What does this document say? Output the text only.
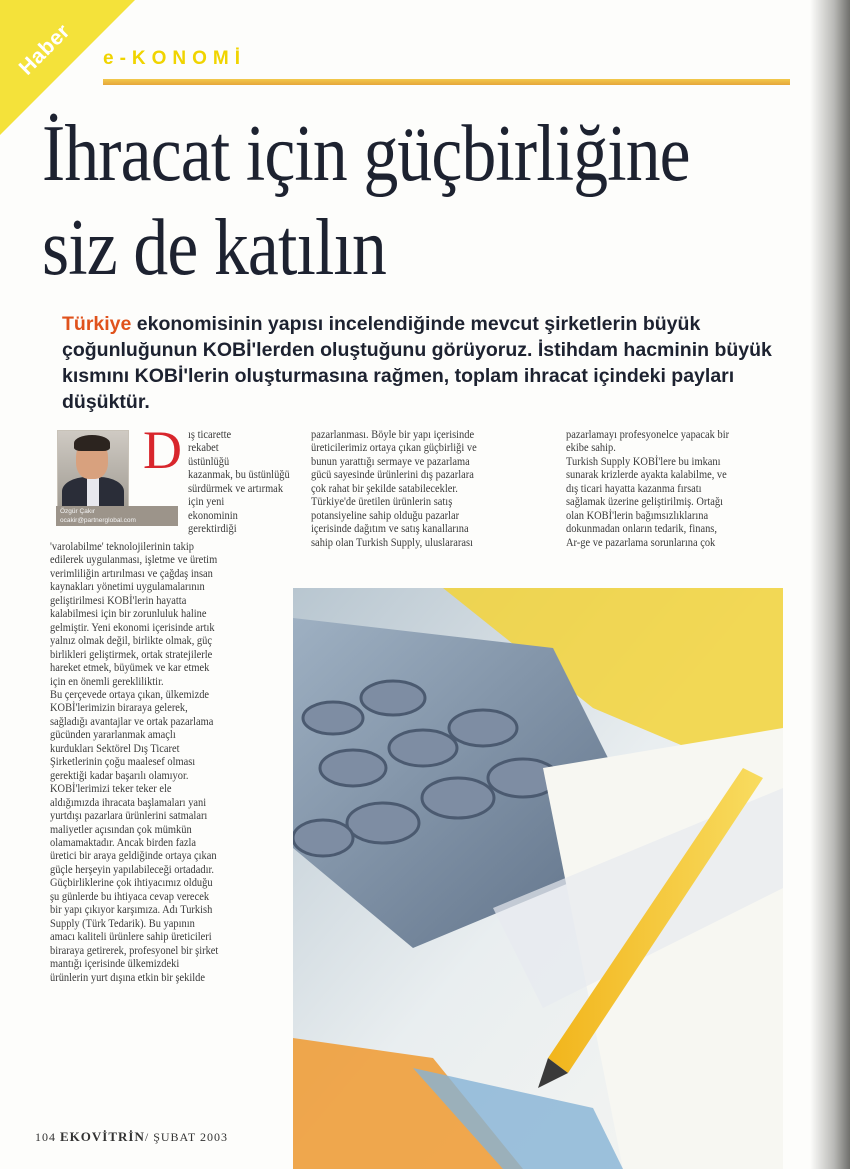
Haber e-KONOMİ
İhracat için güçbirliğine
siz de katılın

Türkiye ekonomisinin yapısı incelendiğinde mevcut şirketlerin büyük çoğunluğunun KOBİ'lerden oluştuğunu görüyoruz. İstihdam hacminin büyük kısmını KOBİ'lerin oluşturmasına rağmen, toplam ihracat içindeki payları düşüktür.

Özgür Çakır
ocakir@partnerglobal.com
D ış ticarette

rekabet

üstünlüğü

kazanmak, bu üstünlüğü

sürdürmek ve artırmak

için yeni

ekonominin

gerektirdiği

'varolabilme' teknolojilerinin takip

edilerek uygulanması, işletme ve üretim

verimliliğin artırılması ve çağdaş insan

kaynakları yönetimi uygulamalarının

geliştirilmesi KOBİ'lerin hayatta

kalabilmesi için bir zorunluluk haline

gelmiştir. Yeni ekonomi içerisinde artık

yalnız olmak değil, birlikte olmak, güç

birlikleri geliştirmek, ortak stratejilerle

hareket etmek, büyümek ve kar etmek

için en önemli gerekliliktir.

Bu çerçevede ortaya çıkan, ülkemizde

KOBİ'lerimizin biraraya gelerek,

sağladığı avantajlar ve ortak pazarlama

gücünden yararlanmak amaçlı

kurdukları Sektörel Dış Ticaret

Şirketlerinin çoğu maalesef olması

gerektiği kadar başarılı olamıyor.

KOBİ'lerimizi teker teker ele

aldığımızda ihracata başlamaları yani

yurtdışı pazarlara ürünlerini satmaları

maliyetler açısından çok mümkün

olamamaktadır. Ancak birden fazla

üretici bir araya geldiğinde ortaya çıkan

güçle herşeyin yapılabileceği ortadadır.

Güçbirliklerine çok ihtiyacımız olduğu

şu günlerde bu ihtiyaca cevap verecek

bir yapı çıkıyor karşımıza. Adı Turkish

Supply (Türk Tedarik). Bu yapının

amacı kaliteli ürünlere sahip üreticileri

biraraya getirerek, profesyonel bir şirket

mantığı içerisinde ülkemizdeki

ürünlerin yurt dışına etkin bir şekilde

pazarlanması. Böyle bir yapı içerisinde

üreticilerimiz ortaya çıkan güçbirliği ve

bunun yarattığı sermaye ve pazarlama

gücü sayesinde ürünlerini dış pazarlara

çok rahat bir şekilde satabilecekler.

Türkiye'de üretilen ürünlerin satış

potansiyeline sahip olduğu pazarlar

içerisinde dağıtım ve satış kanallarına

sahip olan Turkish Supply, uluslararası

pazarlamayı profesyonelce yapacak bir

ekibe sahip.

Turkish Supply KOBİ'lere bu imkanı

sunarak krizlerde ayakta kalabilme, ve

dış ticari hayatta kazanma fırsatı

sağlamak üzerine geliştirilmiş. Ortağı

olan KOBİ'lerin bağımsızlıklarına

dokunmadan onların tedarik, finans,

Ar-ge ve pazarlama sorunlarına çok

104 EKOVİTRİN/ ŞUBAT 2003
